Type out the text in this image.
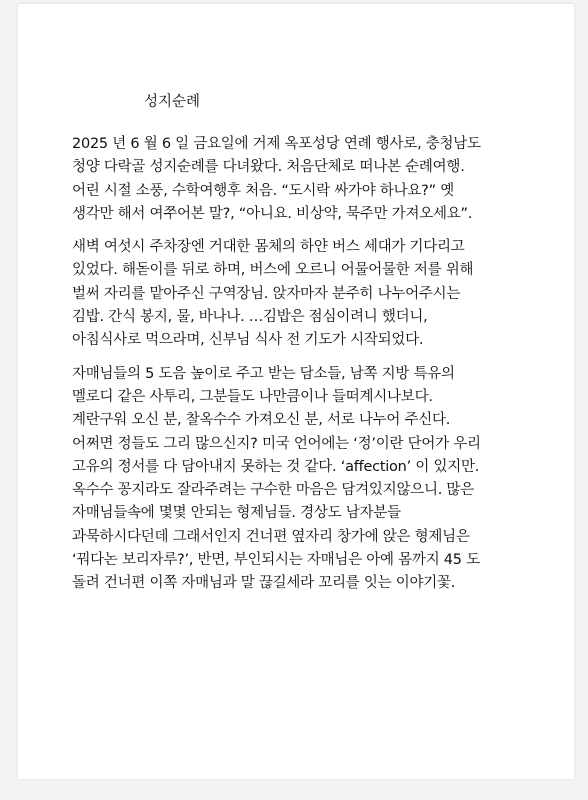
성지순례
2025 년 6 월 6 일 금요일에 거제 옥포성당 연례 행사로, 충청남도
청양 다락골 성지순례를 다녀왔다. 처음단체로 떠나본 순례여행.
어린 시절 소풍, 수학여행후 처음. “도시락 싸가야 하나요?” 옛
생각만 해서 여쭈어본 말?, “아니요. 비상약, 묵주만 가져오세요”.
새벽 여섯시 주차장엔 거대한 몸체의 하얀 버스 세대가 기다리고
있었다. 해돋이를 뒤로 하며, 버스에 오르니 어물어물한 저를 위해
벌써 자리를 맡아주신 구역장님. 앉자마자 분주히 나누어주시는
김밥. 간식 봉지, 물, 바나나. …김밥은 점심이려니 했더니,
아침식사로 먹으라며, 신부님 식사 전 기도가 시작되었다.
자매님들의 5 도음 높이로 주고 받는 담소들, 남쪽 지방 특유의
멜로디 같은 사투리, 그분들도 나만큼이나 들떠계시나보다.
계란구워 오신 분, 찰옥수수 가져오신 분, 서로 나누어 주신다.
어쩌면 정들도 그리 많으신지? 미국 언어에는 ‘정’이란 단어가 우리
고유의 정서를 다 담아내지 못하는 것 같다. ‘affection’ 이 있지만.
옥수수 꽁지라도 잘라주려는 구수한 마음은 담겨있지않으니. 많은
자매님들속에 몇몇 안되는 형제님들. 경상도 남자분들
과묵하시다던데 그래서인지 건너편 옆자리 창가에 앉은 형제님은
‘꿔다논 보리자루?’, 반면, 부인되시는 자매님은 아예 몸까지 45 도
돌려 건너편 이쪽 자매님과 말 끊길세라 꼬리를 잇는 이야기꽃.
